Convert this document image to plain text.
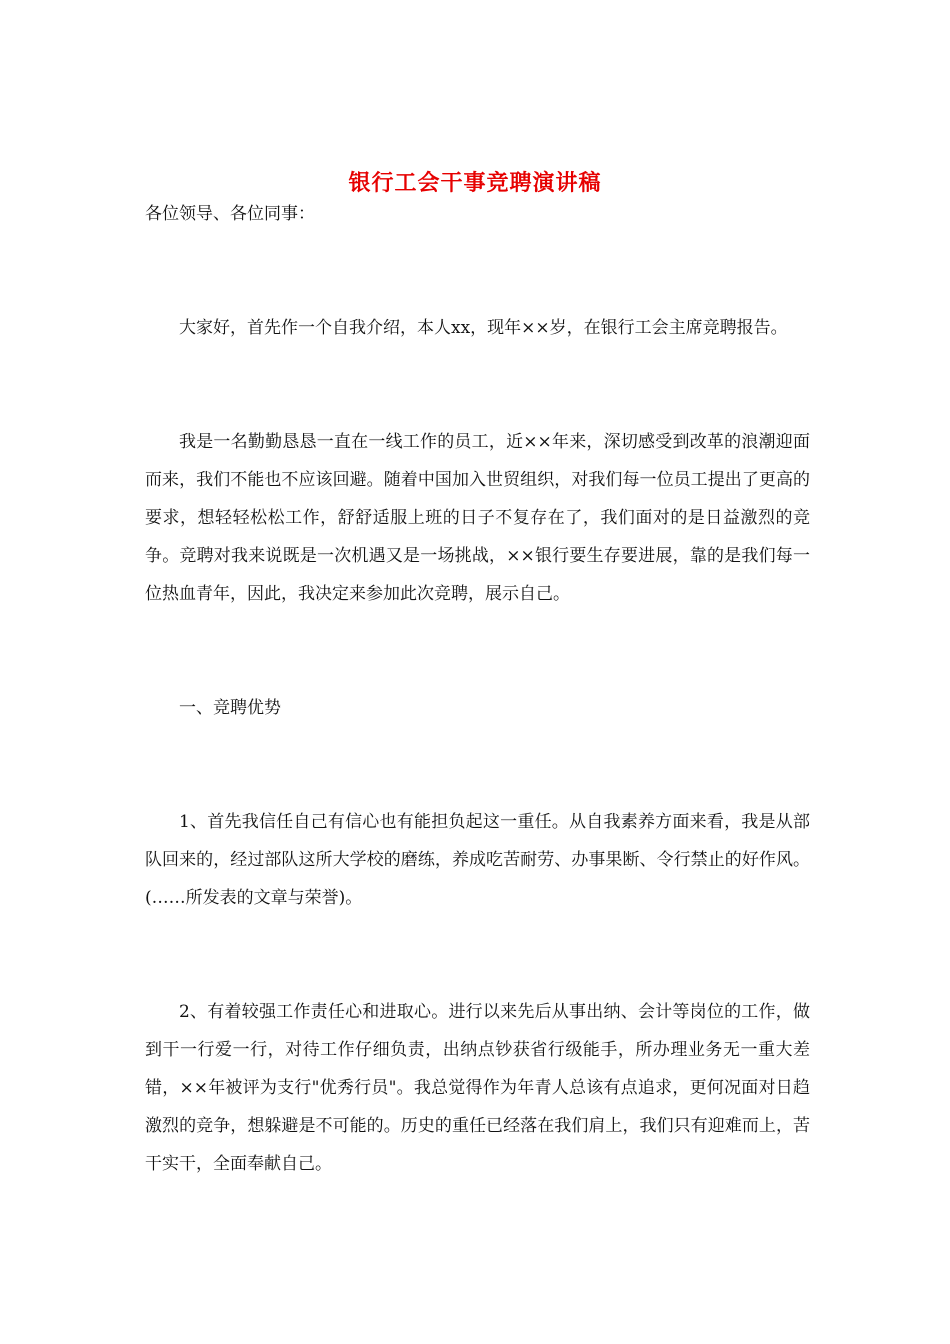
银行工会干事竞聘演讲稿

各位领导、各位同事：

大家好，首先作一个自我介绍，本人xx，现年××岁，在银行工会主席竞聘报告。

我是一名勤勤恳恳一直在一线工作的员工，近××年来，深切感受到改革的浪潮迎面而来，我们不能也不应该回避。随着中国加入世贸组织，对我们每一位员工提出了更高的要求，想轻轻松松工作，舒舒适服上班的日子不复存在了，我们面对的是日益激烈的竞争。竞聘对我来说既是一次机遇又是一场挑战，××银行要生存要进展，靠的是我们每一位热血青年，因此，我决定来参加此次竞聘，展示自己。

一、竞聘优势

1、首先我信任自己有信心也有能担负起这一重任。从自我素养方面来看，我是从部队回来的，经过部队这所大学校的磨练，养成吃苦耐劳、办事果断、令行禁止的好作风。(……所发表的文章与荣誉)。

2、有着较强工作责任心和进取心。进行以来先后从事出纳、会计等岗位的工作，做到干一行爱一行，对待工作仔细负责，出纳点钞获省行级能手，所办理业务无一重大差错，××年被评为支行"优秀行员"。我总觉得作为年青人总该有点追求，更何况面对日趋激烈的竞争，想躲避是不可能的。历史的重任已经落在我们肩上，我们只有迎难而上，苦干实干，全面奉献自己。
